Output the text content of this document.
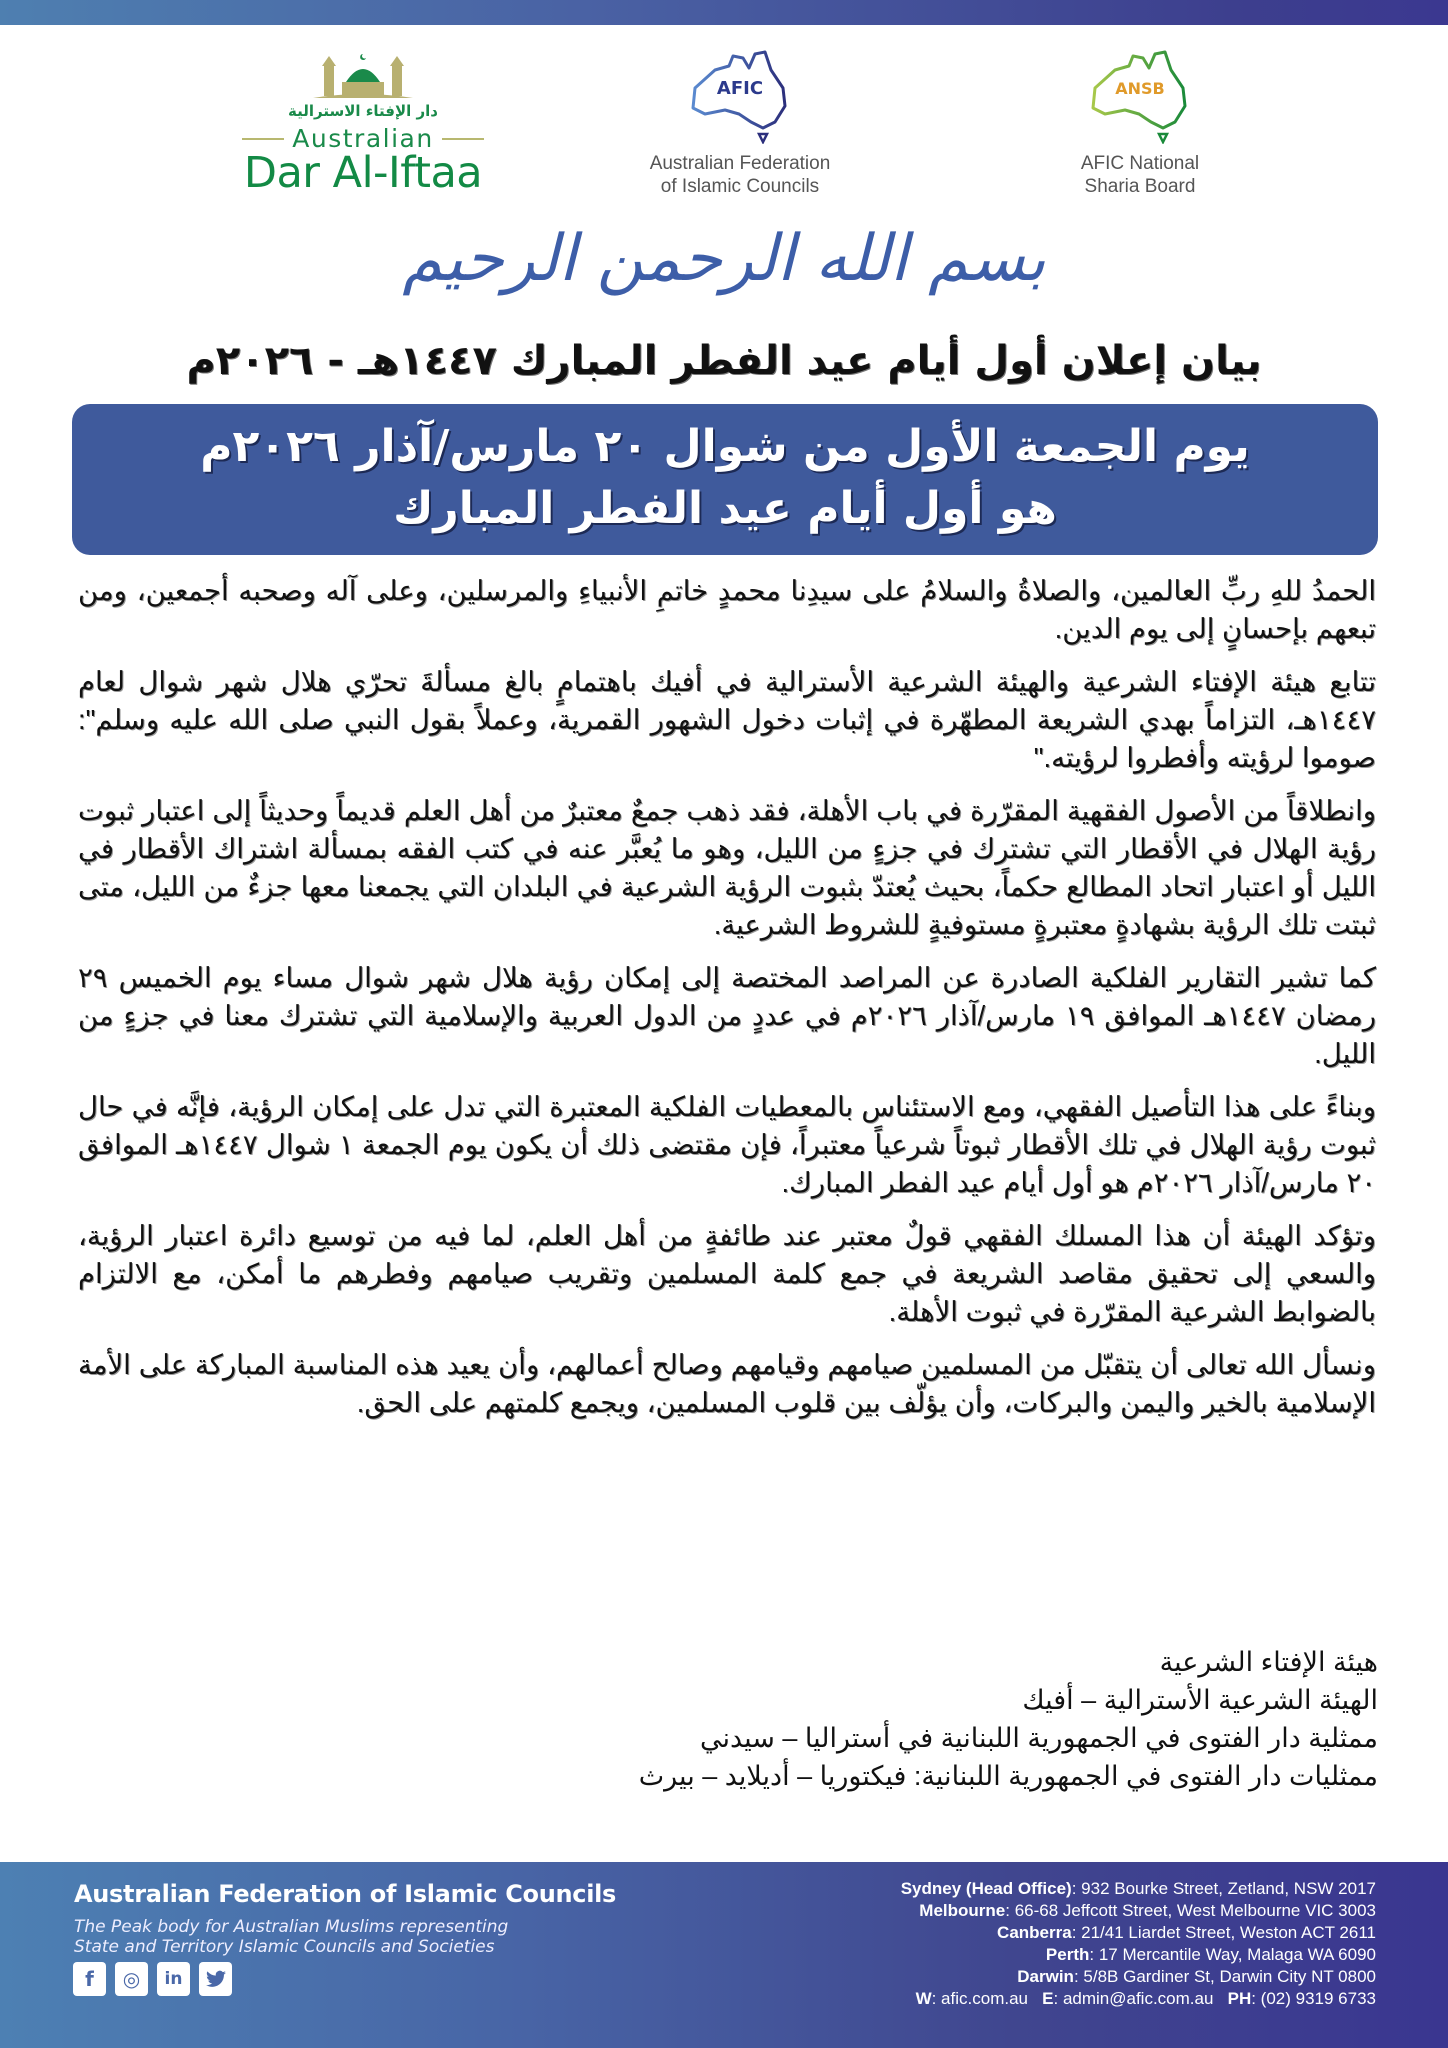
دار الإفتاء الاسترالية
Australian
Dar Al-Iftaa
AFIC
Australian Federation
of Islamic Councils
ANSB
AFIC National
Sharia Board
بسم الله الرحمن الرحيم
بيان إعلان أول أيام عيد الفطر المبارك ١٤٤٧هـ - ٢٠٢٦م
يوم الجمعة الأول من شوال ٢٠ مارس/آذار ٢٠٢٦م
هو أول أيام عيد الفطر المبارك

الحمدُ للهِ ربِّ العالمين، والصلاةُ والسلامُ على سيدِنا محمدٍ خاتمِ الأنبياءِ والمرسلين، وعلى آله وصحبه أجمعين، ومن تبعهم بإحسانٍ إلى يوم الدين.

تتابع هيئة الإفتاء الشرعية والهيئة الشرعية الأسترالية في أفيك باهتمامٍ بالغ مسألةَ تحرّي هلال شهر شوال لعام ١٤٤٧هـ، التزاماً بهدي الشريعة المطهّرة في إثبات دخول الشهور القمرية، وعملاً بقول النبي صلى الله عليه وسلم": صوموا لرؤيته وأفطروا لرؤيته."

وانطلاقاً من الأصول الفقهية المقرّرة في باب الأهلة، فقد ذهب جمعٌ معتبرٌ من أهل العلم قديماً وحديثاً إلى اعتبار ثبوت رؤية الهلال في الأقطار التي تشترك في جزءٍ من الليل، وهو ما يُعبَّر عنه في كتب الفقه بمسألة اشتراك الأقطار في الليل أو اعتبار اتحاد المطالع حكماً، بحيث يُعتدّ بثبوت الرؤية الشرعية في البلدان التي يجمعنا معها جزءٌ من الليل، متى ثبتت تلك الرؤية بشهادةٍ معتبرةٍ مستوفيةٍ للشروط الشرعية.

كما تشير التقارير الفلكية الصادرة عن المراصد المختصة إلى إمكان رؤية هلال شهر شوال مساء يوم الخميس ٢٩ رمضان ١٤٤٧هـ الموافق ١٩ مارس/آذار ٢٠٢٦م في عددٍ من الدول العربية والإسلامية التي تشترك معنا في جزءٍ من الليل.

وبناءً على هذا التأصيل الفقهي، ومع الاستئناس بالمعطيات الفلكية المعتبرة التي تدل على إمكان الرؤية، فإنَّه في حال ثبوت رؤية الهلال في تلك الأقطار ثبوتاً شرعياً معتبراً، فإن مقتضى ذلك أن يكون يوم الجمعة ١ شوال ١٤٤٧هـ الموافق ٢٠ مارس/آذار ٢٠٢٦م هو أول أيام عيد الفطر المبارك.

وتؤكد الهيئة أن هذا المسلك الفقهي قولٌ معتبر عند طائفةٍ من أهل العلم، لما فيه من توسيع دائرة اعتبار الرؤية، والسعي إلى تحقيق مقاصد الشريعة في جمع كلمة المسلمين وتقريب صيامهم وفطرهم ما أمكن، مع الالتزام بالضوابط الشرعية المقرّرة في ثبوت الأهلة.

ونسأل الله تعالى أن يتقبّل من المسلمين صيامهم وقيامهم وصالح أعمالهم، وأن يعيد هذه المناسبة المباركة على الأمة الإسلامية بالخير واليمن والبركات، وأن يؤلّف بين قلوب المسلمين، ويجمع كلمتهم على الحق.

هيئة الإفتاء الشرعية
الهيئة الشرعية الأسترالية – أفيك
ممثلية دار الفتوى في الجمهورية اللبنانية في أستراليا – سيدني
ممثليات دار الفتوى في الجمهورية اللبنانية: فيكتوريا – أديلايد – بيرث
Australian Federation of Islamic Councils
The Peak body for Australian Muslims representing
State and Territory Islamic Councils and Societies
f	◎	in
Sydney (Head Office): 932 Bourke Street, Zetland, NSW 2017
Melbourne: 66-68 Jeffcott Street, West Melbourne VIC 3003
Canberra: 21/41 Liardet Street, Weston ACT 2611
Perth: 17 Mercantile Way, Malaga WA 6090
Darwin: 5/8B Gardiner St, Darwin City NT 0800
W: afic.com.au E: admin@afic.com.au PH: (02) 9319 6733
